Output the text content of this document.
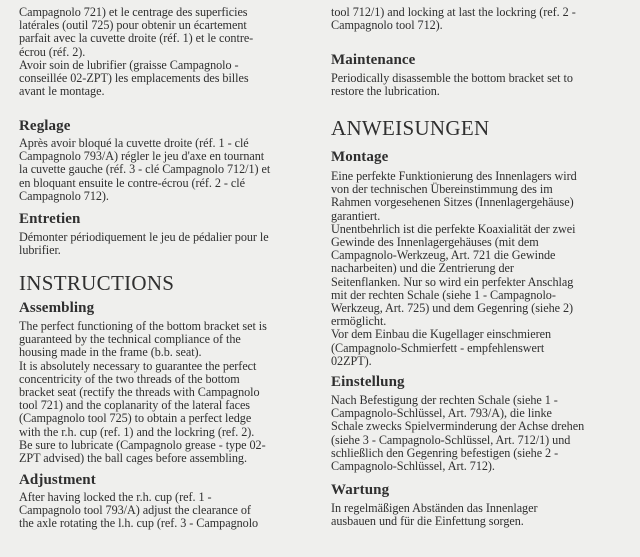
Campagnolo 721) et le centrage des superficies
latérales (outil 725) pour obtenir un écartement
parfait avec la cuvette droite (réf. 1) et le contre-
écrou (réf. 2).
Avoir soin de lubrifier (graisse Campagnolo -
conseillée 02-ZPT) les emplacements des billes
avant le montage.

Reglage

Après avoir bloqué la cuvette droite (réf. 1 - clé
Campagnolo 793/A) régler le jeu d'axe en tournant
la cuvette gauche (réf. 3 - clé Campagnolo 712/1) et
en bloquant ensuite le contre-écrou (réf. 2 - clé
Campagnolo 712).

Entretien

Démonter périodiquement le jeu de pédalier pour le
lubrifier.

INSTRUCTIONS
Assembling

The perfect functioning of the bottom bracket set is
guaranteed by the technical compliance of the
housing made in the frame (b.b. seat).
It is absolutely necessary to guarantee the perfect
concentricity of the two threads of the bottom
bracket seat (rectify the threads with Campagnolo
tool 721) and the coplanarity of the lateral faces
(Campagnolo tool 725) to obtain a perfect ledge
with the r.h. cup (ref. 1) and the lockring (ref. 2).
Be sure to lubricate (Campagnolo grease - type 02-
ZPT advised) the ball cages before assembling.

Adjustment

After having locked the r.h. cup (ref. 1 -
Campagnolo tool 793/A) adjust the clearance of
the axle rotating the l.h. cup (ref. 3 - Campagnolo

tool 712/1) and locking at last the lockring (ref. 2 -
Campagnolo tool 712).

Maintenance

Periodically disassemble the bottom bracket set to
restore the lubrication.

ANWEISUNGEN
Montage

Eine perfekte Funktionierung des Innenlagers wird
von der technischen Übereinstimmung des im
Rahmen vorgesehenen Sitzes (Innenlagergehäuse)
garantiert.
Unentbehrlich ist die perfekte Koaxialität der zwei
Gewinde des Innenlagergehäuses (mit dem
Campagnolo-Werkzeug, Art. 721 die Gewinde
nacharbeiten) und die Zentrierung der
Seitenflanken. Nur so wird ein perfekter Anschlag
mit der rechten Schale (siehe 1 - Campagnolo-
Werkzeug, Art. 725) und dem Gegenring (siehe 2)
ermöglicht.
Vor dem Einbau die Kugellager einschmieren
(Campagnolo-Schmierfett - empfehlenswert
02ZPT).

Einstellung

Nach Befestigung der rechten Schale (siehe 1 -
Campagnolo-Schlüssel, Art. 793/A), die linke
Schale zwecks Spielverminderung der Achse drehen
(siehe 3 - Campagnolo-Schlüssel, Art. 712/1) und
schließlich den Gegenring befestigen (siehe 2 -
Campagnolo-Schlüssel, Art. 712).

Wartung

In regelmäßigen Abständen das Innenlager
ausbauen und für die Einfettung sorgen.
